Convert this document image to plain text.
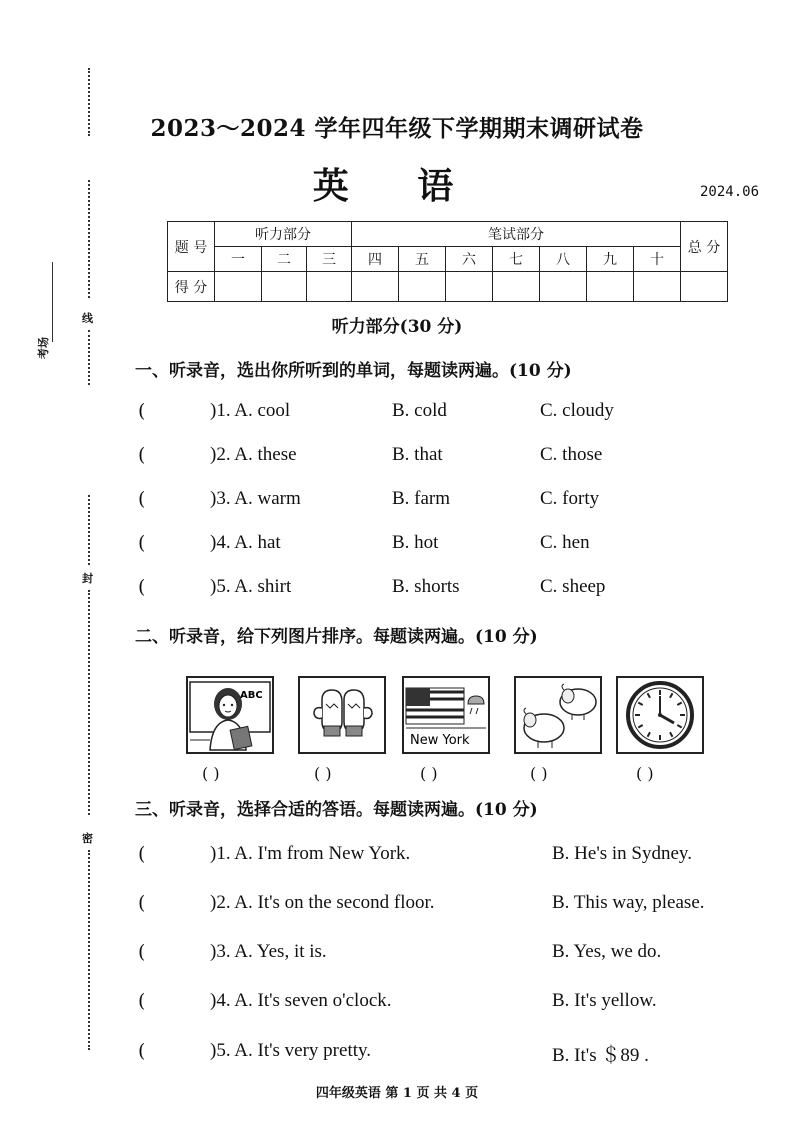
线
封
密
考场
2023～2024 学年四年级下学期期末调研试卷
英 语	2024.06
题 号	听力部分			笔试部分							总 分
	一	二	三	四	五	六	七	八	九	十	
得 分											
听力部分(30 分)
一、听录音，选出你所听到的单词，每题读两遍。(10 分)
(	)1. A. cool	B. cold	C. cloudy
(	)2. A. these	B. that	C. those
(	)3. A. warm	B. farm	C. forty
(	)4. A. hat	B. hot	C. hen
(	)5. A. shirt	B. shorts	C. sheep
二、听录音，给下列图片排序。每题读两遍。(10 分)
ABC
New York
( )	( )	( )	( )	( )
三、听录音，选择合适的答语。每题读两遍。(10 分)
(	)1. A. I'm from New York.	B. He's in Sydney.
(	)2. A. It's on the second floor.	B. This way, please.
(	)3. A. Yes, it is.	B. Yes, we do.
(	)4. A. It's seven o'clock.	B. It's yellow.
(	)5. A. It's very pretty.	B. It's ＄89 .
四年级英语 第 1 页 共 4 页
